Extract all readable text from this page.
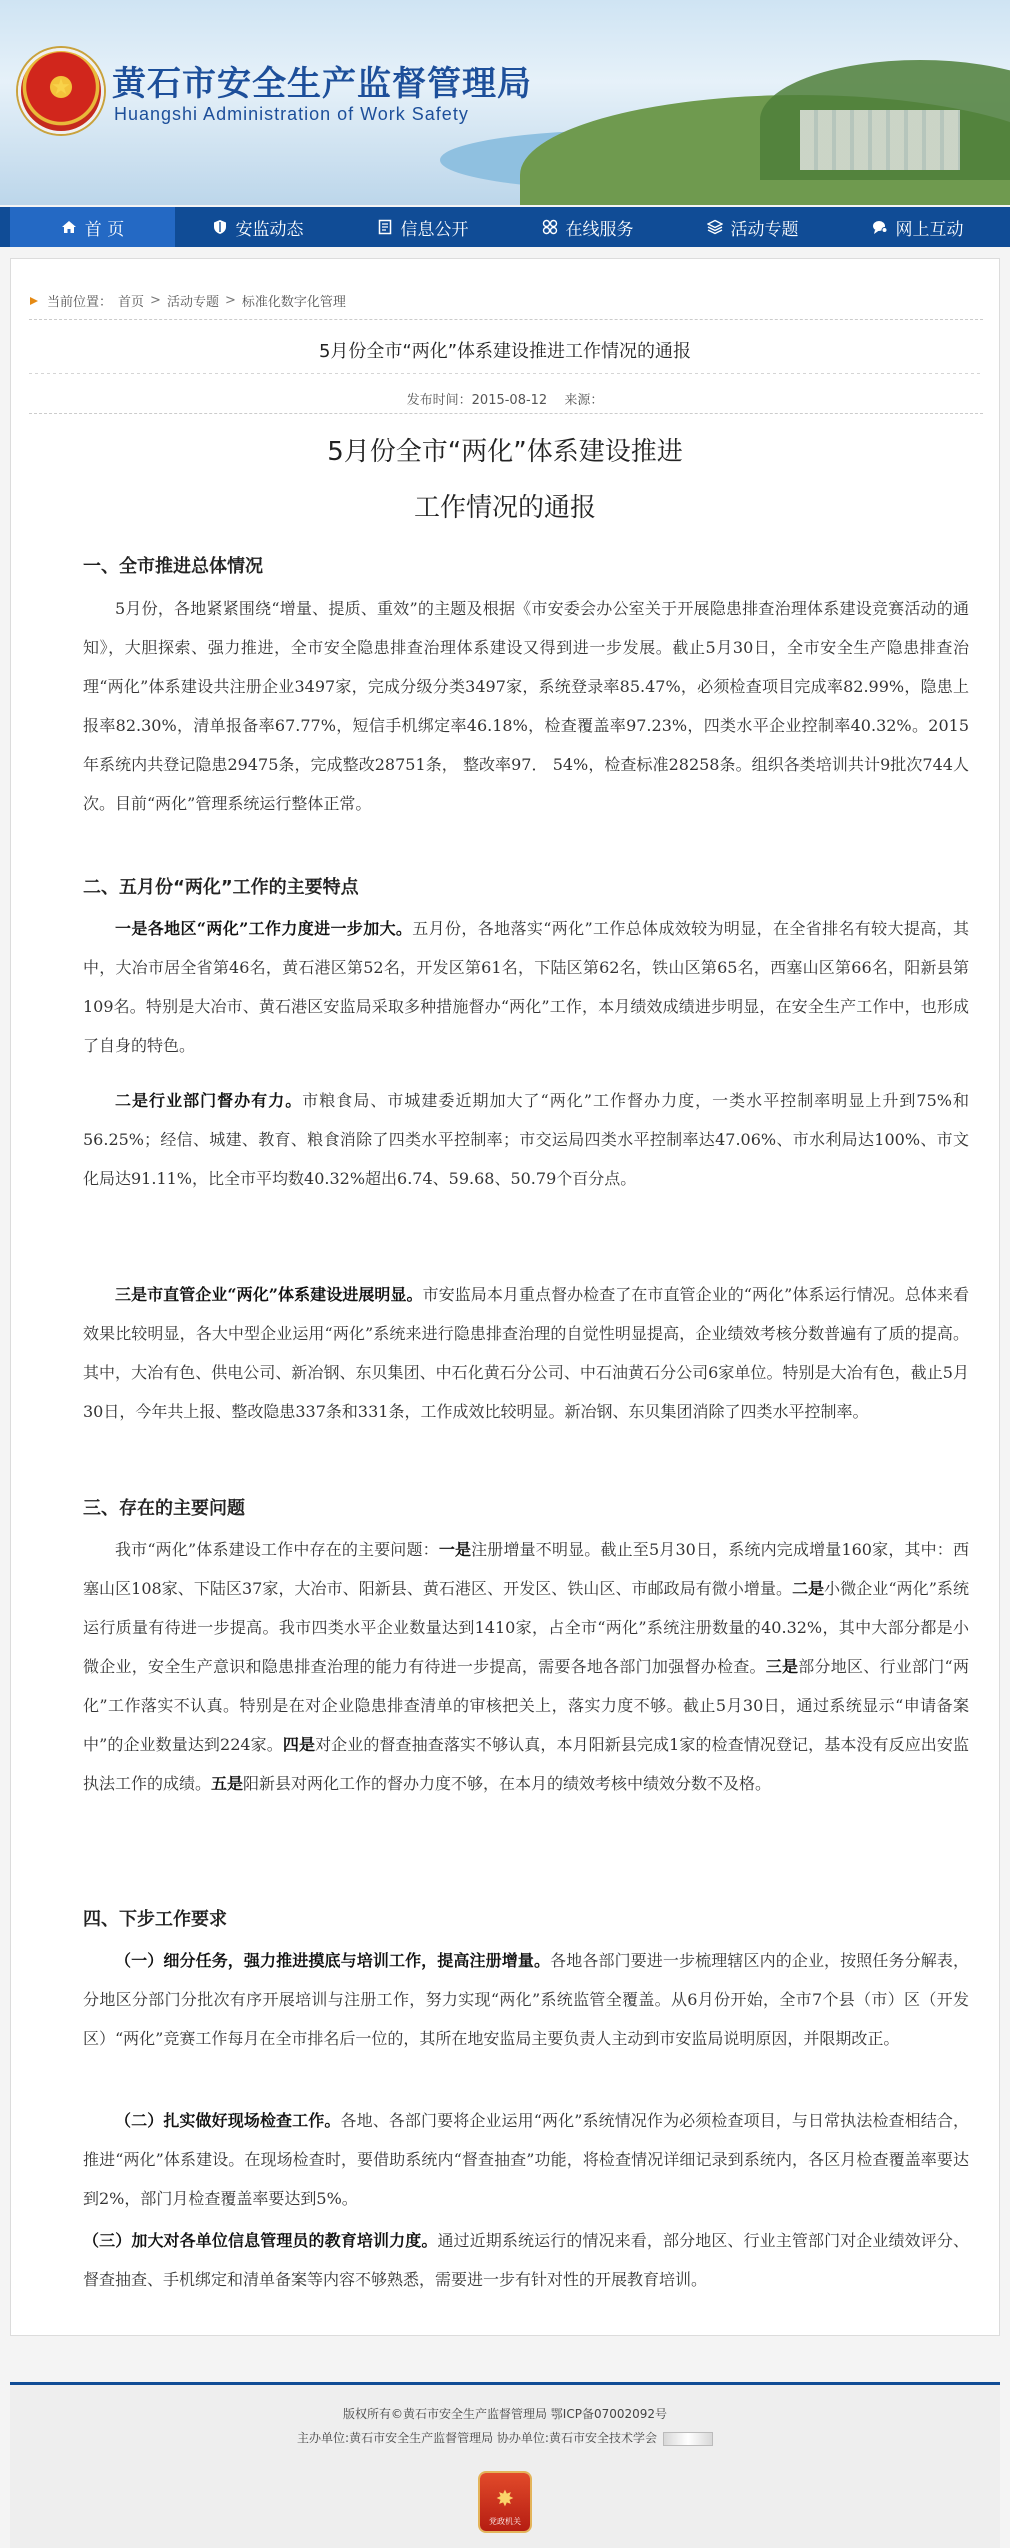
★	黄石市安全生产监督管理局
Huangshi Administration of Work Safety
首 页	安监动态	信息公开	在线服务	活动专题	网上互动
当前位置： 首页 > 活动专题 > 标准化数字化管理
5月份全市“两化”体系建设推进工作情况的通报
发布时间：2015-08-12　 来源：
5月份全市“两化”体系建设推进
工作情况的通报
一、全市推进总体情况
5月份，各地紧紧围绕“增量、提质、重效”的主题及根据《市安委会办公室关于开展隐患排查治理体系建设竞赛活动的通知》，大胆探索、强力推进，全市安全隐患排查治理体系建设又得到进一步发展。截止5月30日，全市安全生产隐患排查治理“两化”体系建设共注册企业3497家，完成分级分类3497家，系统登录率85.47%，必须检查项目完成率82.99%，隐患上报率82.30%，清单报备率67.77%，短信手机绑定率46.18%，检查覆盖率97.23%，四类水平企业控制率40.32%。2015年系统内共登记隐患29475条，完成整改28751条， 整改率97． 54%，检查标准28258条。组织各类培训共计9批次744人次。目前“两化”管理系统运行整体正常。
二、五月份“两化”工作的主要特点
一是各地区“两化”工作力度进一步加大。五月份，各地落实“两化”工作总体成效较为明显，在全省排名有较大提高，其中，大冶市居全省第46名，黄石港区第52名，开发区第61名，下陆区第62名，铁山区第65名，西塞山区第66名，阳新县第109名。特别是大冶市、黄石港区安监局采取多种措施督办“两化”工作，本月绩效成绩进步明显，在安全生产工作中，也形成了自身的特色。
二是行业部门督办有力。市粮食局、市城建委近期加大了“两化”工作督办力度，一类水平控制率明显上升到75%和56.25%；经信、城建、教育、粮食消除了四类水平控制率；市交运局四类水平控制率达47.06%、市水利局达100%、市文化局达91.11%，比全市平均数40.32%超出6.74、59.68、50.79个百分点。
三是市直管企业“两化”体系建设进展明显。市安监局本月重点督办检查了在市直管企业的“两化”体系运行情况。总体来看效果比较明显，各大中型企业运用“两化”系统来进行隐患排查治理的自觉性明显提高，企业绩效考核分数普遍有了质的提高。其中，大冶有色、供电公司、新冶钢、东贝集团、中石化黄石分公司、中石油黄石分公司6家单位。特别是大冶有色，截止5月30日，今年共上报、整改隐患337条和331条，工作成效比较明显。新冶钢、东贝集团消除了四类水平控制率。
三、存在的主要问题
我市“两化”体系建设工作中存在的主要问题：一是注册增量不明显。截止至5月30日，系统内完成增量160家，其中：西塞山区108家、下陆区37家，大冶市、阳新县、黄石港区、开发区、铁山区、市邮政局有微小增量。二是小微企业“两化”系统运行质量有待进一步提高。我市四类水平企业数量达到1410家，占全市“两化”系统注册数量的40.32%，其中大部分都是小微企业，安全生产意识和隐患排查治理的能力有待进一步提高，需要各地各部门加强督办检查。三是部分地区、行业部门“两化”工作落实不认真。特别是在对企业隐患排查清单的审核把关上，落实力度不够。截止5月30日，通过系统显示“申请备案中”的企业数量达到224家。四是对企业的督查抽查落实不够认真，本月阳新县完成1家的检查情况登记，基本没有反应出安监执法工作的成绩。五是阳新县对两化工作的督办力度不够，在本月的绩效考核中绩效分数不及格。
四、下步工作要求
（一）细分任务，强力推进摸底与培训工作，提高注册增量。各地各部门要进一步梳理辖区内的企业，按照任务分解表，分地区分部门分批次有序开展培训与注册工作，努力实现“两化”系统监管全覆盖。从6月份开始，全市7个县（市）区（开发区）“两化”竞赛工作每月在全市排名后一位的，其所在地安监局主要负责人主动到市安监局说明原因，并限期改正。
（二）扎实做好现场检查工作。各地、各部门要将企业运用“两化”系统情况作为必须检查项目，与日常执法检查相结合，推进“两化”体系建设。在现场检查时，要借助系统内“督查抽查”功能，将检查情况详细记录到系统内，各区月检查覆盖率要达到2%，部门月检查覆盖率要达到5%。
（三）加大对各单位信息管理员的教育培训力度。通过近期系统运行的情况来看，部分地区、行业主管部门对企业绩效评分、督查抽查、手机绑定和清单备案等内容不够熟悉，需要进一步有针对性的开展教育培训。
版权所有©黄石市安全生产监督管理局 鄂ICP备07002092号
主办单位:黄石市安全生产监督管理局 协办单位:黄石市安全技术学会
✸
党政机关
